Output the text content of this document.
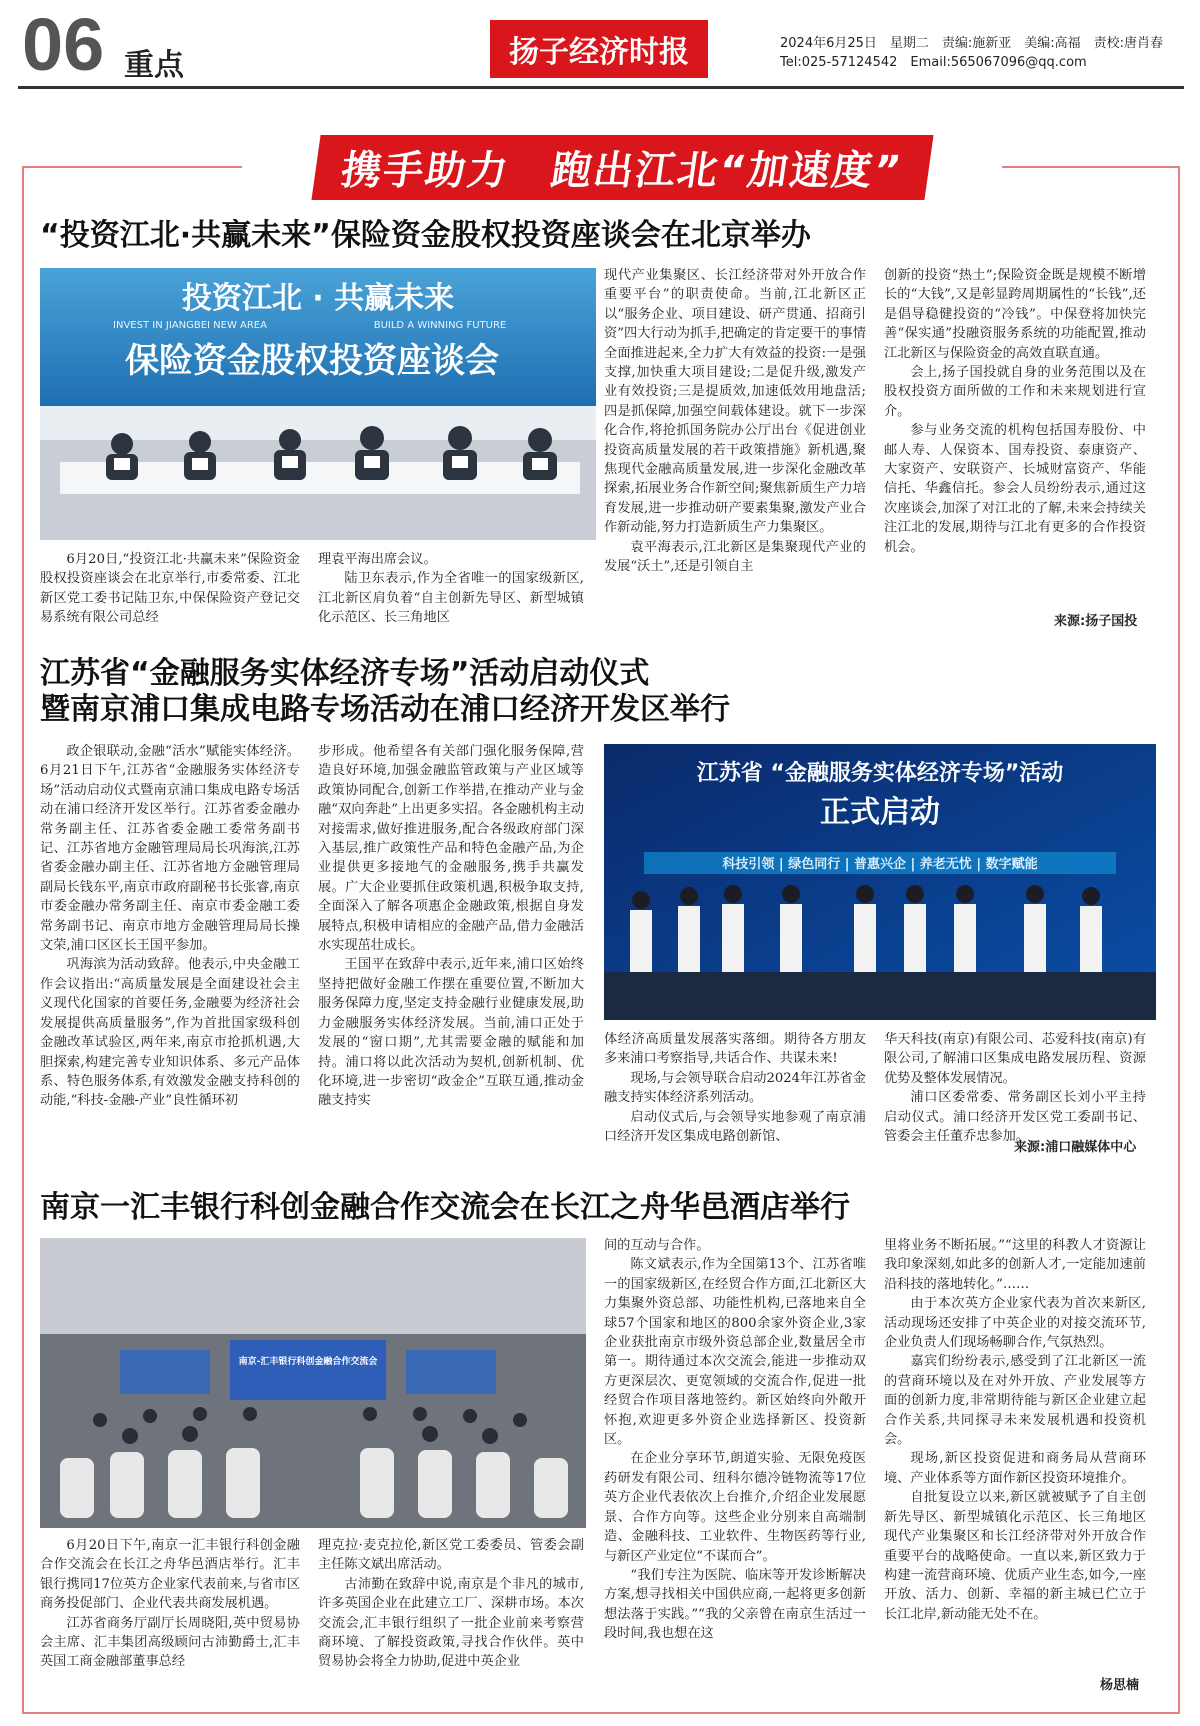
06 重点	扬子经济时报	2024年6月25日　星期二　责编:施新亚　美编:高福　责校:唐肖春
Tel:025-57124542　Email:565067096@qq.com
携手助力　跑出江北“加速度”
“投资江北·共赢未来”保险资金股权投资座谈会在北京举办
投资江北 · 共赢未来
INVEST IN JIANGBEI NEW AREA	BUILD A WINNING FUTURE
保险资金股权投资座谈会

6月20日,“投资江北·共赢未来”保险资金股权投资座谈会在北京举行,市委常委、江北新区党工委书记陆卫东,中保保险资产登记交易系统有限公司总经

理袁平海出席会议。

陆卫东表示,作为全省唯一的国家级新区,江北新区肩负着“自主创新先导区、新型城镇化示范区、长三角地区

现代产业集聚区、长江经济带对外开放合作重要平台”的职责使命。当前,江北新区正以“服务企业、项目建设、研产贯通、招商引资”四大行动为抓手,把确定的肯定要干的事情全面推进起来,全力扩大有效益的投资:一是强支撑,加快重大项目建设;二是促升级,激发产业有效投资;三是提质效,加速低效用地盘活;四是抓保障,加强空间载体建设。就下一步深化合作,将抢抓国务院办公厅出台《促进创业投资高质量发展的若干政策措施》新机遇,聚焦现代金融高质量发展,进一步深化金融改革探索,拓展业务合作新空间;聚焦新质生产力培育发展,进一步推动研产要素集聚,激发产业合作新动能,努力打造新质生产力集聚区。

袁平海表示,江北新区是集聚现代产业的发展“沃土”,还是引领自主

创新的投资“热土”;保险资金既是规模不断增长的“大钱”,又是彰显跨周期属性的“长钱”,还是倡导稳健投资的“冷钱”。中保登将加快完善“保实通”投融资服务系统的功能配置,推动江北新区与保险资金的高效直联直通。

会上,扬子国投就自身的业务范围以及在股权投资方面所做的工作和未来规划进行宣介。

参与业务交流的机构包括国寿股份、中邮人寿、人保资本、国寿投资、泰康资产、大家资产、安联资产、长城财富资产、华能信托、华鑫信托。参会人员纷纷表示,通过这次座谈会,加深了对江北的了解,未来会持续关注江北的发展,期待与江北有更多的合作投资机会。

来源:扬子国投
江苏省“金融服务实体经济专场”活动启动仪式
暨南京浦口集成电路专场活动在浦口经济开发区举行

政企银联动,金融“活水”赋能实体经济。6月21日下午,江苏省“金融服务实体经济专场”活动启动仪式暨南京浦口集成电路专场活动在浦口经济开发区举行。江苏省委金融办常务副主任、江苏省委金融工委常务副书记、江苏省地方金融管理局局长巩海滨,江苏省委金融办副主任、江苏省地方金融管理局副局长钱东平,南京市政府副秘书长张睿,南京市委金融办常务副主任、南京市委金融工委常务副书记、南京市地方金融管理局局长操文荣,浦口区区长王国平参加。

巩海滨为活动致辞。他表示,中央金融工作会议指出:“高质量发展是全面建设社会主义现代化国家的首要任务,金融要为经济社会发展提供高质量服务”,作为首批国家级科创金融改革试验区,两年来,南京市抢抓机遇,大胆探索,构建完善专业知识体系、多元产品体系、特色服务体系,有效激发金融支持科创的动能,“科技-金融-产业”良性循环初

步形成。他希望各有关部门强化服务保障,营造良好环境,加强金融监管政策与产业区域等政策协同配合,创新工作举措,在推动产业与金融“双向奔赴”上出更多实招。各金融机构主动对接需求,做好推进服务,配合各级政府部门深入基层,推广政策性产品和特色金融产品,为企业提供更多接地气的金融服务,携手共赢发展。广大企业要抓住政策机遇,积极争取支持,全面深入了解各项惠企金融政策,根据自身发展特点,积极申请相应的金融产品,借力金融活水实现茁壮成长。

王国平在致辞中表示,近年来,浦口区始终坚持把做好金融工作摆在重要位置,不断加大服务保障力度,坚定支持金融行业健康发展,助力金融服务实体经济发展。当前,浦口正处于发展的“窗口期”,尤其需要金融的赋能和加持。浦口将以此次活动为契机,创新机制、优化环境,进一步密切“政金企”互联互通,推动金融支持实

江苏省 “金融服务实体经济专场”活动
正式启动
科技引领 | 绿色同行 | 普惠兴企 | 养老无忧 | 数字赋能

体经济高质量发展落实落细。期待各方朋友多来浦口考察指导,共话合作、共谋未来!

现场,与会领导联合启动2024年江苏省金融支持实体经济系列活动。

启动仪式后,与会领导实地参观了南京浦口经济开发区集成电路创新馆、

华天科技(南京)有限公司、芯爱科技(南京)有限公司,了解浦口区集成电路发展历程、资源优势及整体发展情况。

浦口区委常委、常务副区长刘小平主持启动仪式。浦口经济开发区党工委副书记、管委会主任董乔忠参加。

来源:浦口融媒体中心
南京一汇丰银行科创金融合作交流会在长江之舟华邑酒店举行
南京-汇丰银行科创金融合作交流会

6月20日下午,南京一汇丰银行科创金融合作交流会在长江之舟华邑酒店举行。汇丰银行携同17位英方企业家代表前来,与省市区商务投促部门、企业代表共商发展机遇。

江苏省商务厅副厅长周晓阳,英中贸易协会主席、汇丰集团高级顾问古沛勤爵士,汇丰英国工商金融部董事总经

理克拉·麦克拉伦,新区党工委委员、管委会副主任陈文斌出席活动。

古沛勤在致辞中说,南京是个非凡的城市,许多英国企业在此建立工厂、深耕市场。本次交流会,汇丰银行组织了一批企业前来考察营商环境、了解投资政策,寻找合作伙伴。英中贸易协会将全力协助,促进中英企业

间的互动与合作。

陈文斌表示,作为全国第13个、江苏省唯一的国家级新区,在经贸合作方面,江北新区大力集聚外资总部、功能性机构,已落地来自全球57个国家和地区的800余家外资企业,3家企业获批南京市级外资总部企业,数量居全市第一。期待通过本次交流会,能进一步推动双方更深层次、更宽领域的交流合作,促进一批经贸合作项目落地签约。新区始终向外敞开怀抱,欢迎更多外资企业选择新区、投资新区。

在企业分享环节,朗道实验、无限免疫医药研发有限公司、纽科尔德冷链物流等17位英方企业代表依次上台推介,介绍企业发展愿景、合作方向等。这些企业分别来自高端制造、金融科技、工业软件、生物医药等行业,与新区产业定位“不谋而合”。

“我们专注为医院、临床等开发诊断解决方案,想寻找相关中国供应商,一起将更多创新想法落于实践。”“我的父亲曾在南京生活过一段时间,我也想在这

里将业务不断拓展。”“这里的科教人才资源让我印象深刻,如此多的创新人才,一定能加速前沿科技的落地转化。”……

由于本次英方企业家代表为首次来新区,活动现场还安排了中英企业的对接交流环节,企业负责人们现场畅聊合作,气氛热烈。

嘉宾们纷纷表示,感受到了江北新区一流的营商环境以及在对外开放、产业发展等方面的创新力度,非常期待能与新区企业建立起合作关系,共同探寻未来发展机遇和投资机会。

现场,新区投资促进和商务局从营商环境、产业体系等方面作新区投资环境推介。

自批复设立以来,新区就被赋予了自主创新先导区、新型城镇化示范区、长三角地区现代产业集聚区和长江经济带对外开放合作重要平台的战略使命。一直以来,新区致力于构建一流营商环境、优质产业生态,如今,一座开放、活力、创新、幸福的新主城已伫立于长江北岸,新动能无处不在。

杨思楠
